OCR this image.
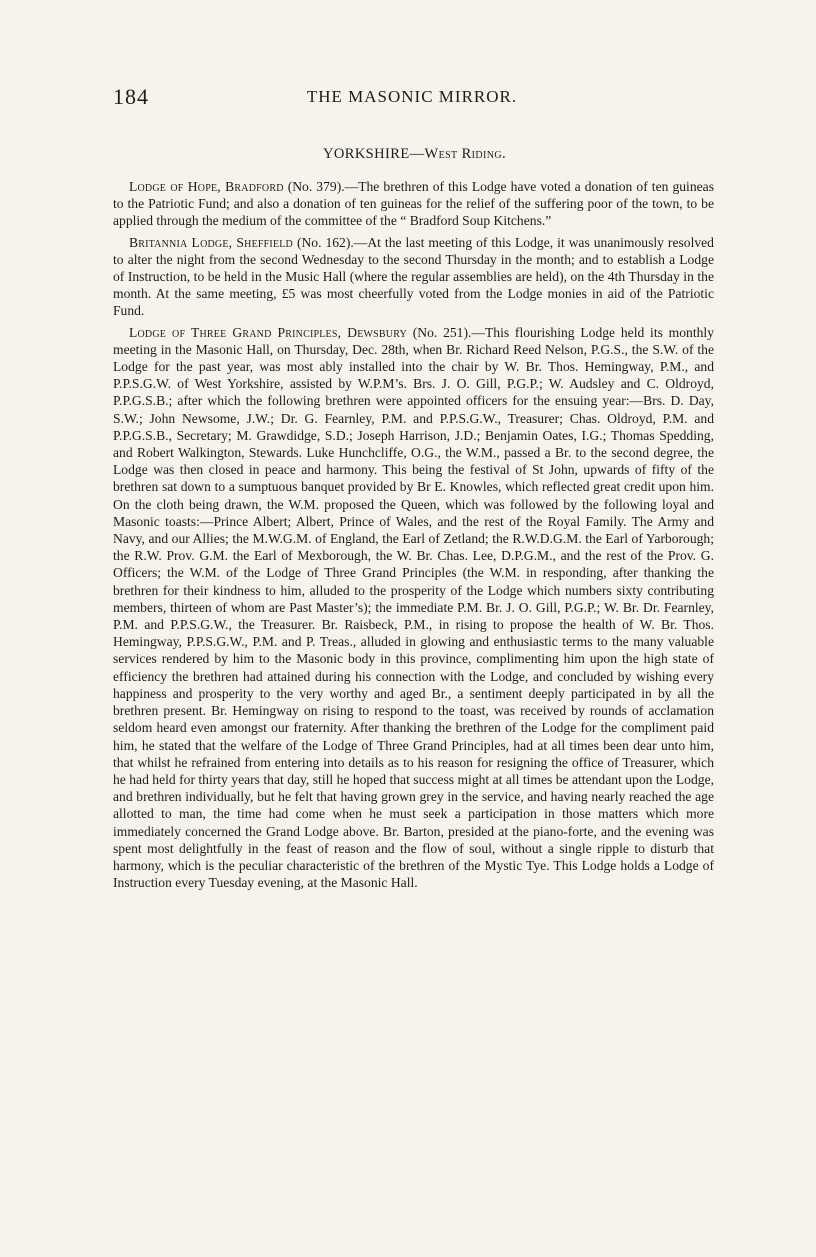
184	THE MASONIC MIRROR.
YORKSHIRE—West Riding.

Lodge of Hope, Bradford (No. 379).—The brethren of this Lodge have voted a donation of ten guineas to the Patriotic Fund; and also a donation of ten guineas for the relief of the suffering poor of the town, to be applied through the medium of the committee of the “ Bradford Soup Kitchens.”

Britannia Lodge, Sheffield (No. 162).—At the last meeting of this Lodge, it was unanimously resolved to alter the night from the second Wednesday to the second Thursday in the month; and to establish a Lodge of Instruction, to be held in the Music Hall (where the regular assemblies are held), on the 4th Thursday in the month. At the same meeting, £5 was most cheerfully voted from the Lodge monies in aid of the Patriotic Fund.

Lodge of Three Grand Principles, Dewsbury (No. 251).—This flourishing Lodge held its monthly meeting in the Masonic Hall, on Thursday, Dec. 28th, when Br. Richard Reed Nelson, P.G.S., the S.W. of the Lodge for the past year, was most ably installed into the chair by W. Br. Thos. Hemingway, P.M., and P.P.S.G.W. of West Yorkshire, assisted by W.P.M’s. Brs. J. O. Gill, P.G.P.; W. Audsley and C. Oldroyd, P.P.G.S.B.; after which the following brethren were appointed officers for the ensuing year:—Brs. D. Day, S.W.; John Newsome, J.W.; Dr. G. Fearnley, P.M. and P.P.S.G.W., Treasurer; Chas. Oldroyd, P.M. and P.P.G.S.B., Secretary; M. Grawdidge, S.D.; Joseph Harrison, J.D.; Benjamin Oates, I.G.; Thomas Spedding, and Robert Walkington, Stewards. Luke Hunchcliffe, O.G., the W.M., passed a Br. to the second degree, the Lodge was then closed in peace and harmony. This being the festival of St John, upwards of fifty of the brethren sat down to a sumptuous banquet provided by Br E. Knowles, which reflected great credit upon him. On the cloth being drawn, the W.M. proposed the Queen, which was followed by the following loyal and Masonic toasts:—Prince Albert; Albert, Prince of Wales, and the rest of the Royal Family. The Army and Navy, and our Allies; the M.W.G.M. of England, the Earl of Zetland; the R.W.D.G.M. the Earl of Yarborough; the R.W. Prov. G.M. the Earl of Mexborough, the W. Br. Chas. Lee, D.P.G.M., and the rest of the Prov. G. Officers; the W.M. of the Lodge of Three Grand Principles (the W.M. in responding, after thanking the brethren for their kindness to him, alluded to the prosperity of the Lodge which numbers sixty contributing members, thirteen of whom are Past Master’s); the immediate P.M. Br. J. O. Gill, P.G.P.; W. Br. Dr. Fearnley, P.M. and P.P.S.G.W., the Treasurer. Br. Raisbeck, P.M., in rising to propose the health of W. Br. Thos. Hemingway, P.P.S.G.W., P.M. and P. Treas., alluded in glowing and enthusiastic terms to the many valuable services rendered by him to the Masonic body in this province, complimenting him upon the high state of efficiency the brethren had attained during his connection with the Lodge, and concluded by wishing every happiness and prosperity to the very worthy and aged Br., a sentiment deeply participated in by all the brethren present. Br. Hemingway on rising to respond to the toast, was received by rounds of acclamation seldom heard even amongst our fraternity. After thanking the brethren of the Lodge for the compliment paid him, he stated that the welfare of the Lodge of Three Grand Principles, had at all times been dear unto him, that whilst he refrained from entering into details as to his reason for resigning the office of Treasurer, which he had held for thirty years that day, still he hoped that success might at all times be attendant upon the Lodge, and brethren individually, but he felt that having grown grey in the service, and having nearly reached the age allotted to man, the time had come when he must seek a participation in those matters which more immediately concerned the Grand Lodge above. Br. Barton, presided at the piano-forte, and the evening was spent most delightfully in the feast of reason and the flow of soul, without a single ripple to disturb that harmony, which is the peculiar characteristic of the brethren of the Mystic Tye. This Lodge holds a Lodge of Instruction every Tuesday evening, at the Masonic Hall.
